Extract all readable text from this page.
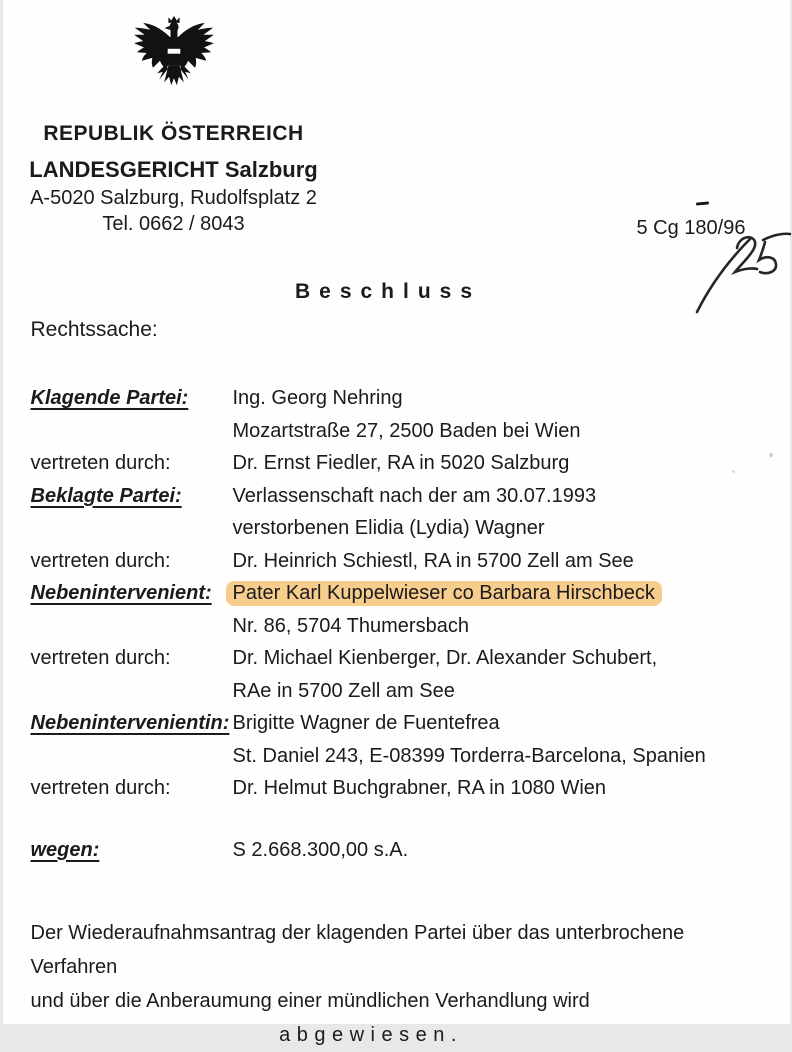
REPUBLIK ÖSTERREICH
LANDESGERICHT Salzburg
A-5020 Salzburg, Rudolfsplatz 2
Tel. 0662 / 8043	5 Cg 180/96
Beschluss
Rechtssache:
Klagende Partei:	Ing. Georg Nehring
Mozartstraße 27, 2500 Baden bei Wien
vertreten durch:	Dr. Ernst Fiedler, RA in 5020 Salzburg
Beklagte Partei:	Verlassenschaft nach der am 30.07.1993
verstorbenen Elidia (Lydia) Wagner
vertreten durch:	Dr. Heinrich Schiestl, RA in 5700 Zell am See
Nebenintervenient:	Pater Karl Kuppelwieser co Barbara Hirschbeck
Nr. 86, 5704 Thumersbach
vertreten durch:	Dr. Michael Kienberger, Dr. Alexander Schubert,
RAe in 5700 Zell am See
Nebenintervenientin: Brigitte Wagner de Fuentefrea
St. Daniel 243, E-08399 Torderra-Barcelona, Spanien
vertreten durch:	Dr. Helmut Buchgrabner, RA in 1080 Wien
wegen:	S 2.668.300,00 s.A.
Der Wiederaufnahmsantrag der klagenden Partei über das unterbrochene Verfahren
und über die Anberaumung einer mündlichen Verhandlung wird
abgewiesen.
